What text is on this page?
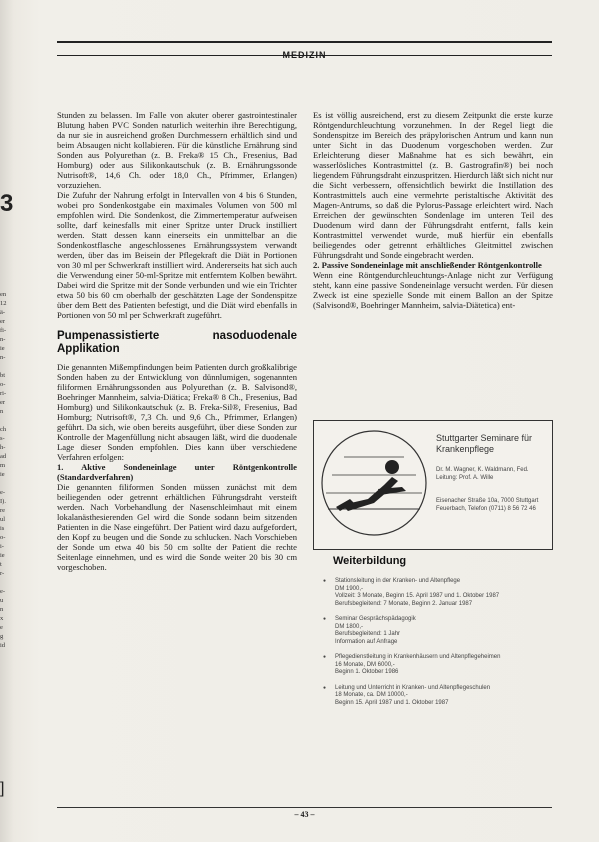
3
en
12
ä-
er
fi-
n-
ie
n-

bt
o-
ri-
er
n

ch
s-
h-
ad
m
ie

e-
I).
re
ul
is
o-
i-
ie
t
r-

e-
u
n
x
e
g
id
]
MEDIZIN

Stunden zu belassen. Im Falle von akuter oberer gastrointestinaler Blutung haben PVC Sonden naturlich weiterhin ihre Berechtigung, da nur sie in ausreichend großen Durchmessern erhältlich sind und beim Absaugen nicht kollabieren. Für die künstliche Ernährung sind Sonden aus Polyurethan (z. B. Freka® 15 Ch., Fresenius, Bad Homburg) oder aus Silikonkautschuk (z. B. Ernährungssonde Nutrisoft®, 14,6 Ch. oder 18,0 Ch., Pfrimmer, Erlangen) vorzuziehen.

Die Zufuhr der Nahrung erfolgt in Intervallen von 4 bis 6 Stunden, wobei pro Sondenkostgabe ein maximales Volumen von 500 ml empfohlen wird. Die Sondenkost, die Zimmertemperatur aufweisen sollte, darf keinesfalls mit einer Spritze unter Druck instilliert werden. Statt dessen kann einerseits ein unmittelbar an die Sondenkostflasche angeschlossenes Ernährungssystem verwandt werden, über das im Beisein der Pflegekraft die Diät in Portionen von 30 ml per Schwerkraft instilliert wird. Andererseits hat sich auch die Verwendung einer 50-ml-Spritze mit entferntem Kolben bewährt. Dabei wird die Spritze mit der Sonde verbunden und wie ein Trichter etwa 50 bis 60 cm oberhalb der geschätzten Lage der Sondenspitze über dem Bett des Patienten befestigt, und die Diät wird ebenfalls in Portionen von 50 ml per Schwerkraft zugeführt.

Pumpenassistierte nasoduodenale Applikation

Die genannten Mißempfindungen beim Patienten durch großkalibrige Sonden haben zu der Entwicklung von dünnlumigen, sogenannten filiformen Ernährungssonden aus Polyurethan (z. B. Salvisond®, Boehringer Mannheim, salvia-Diätica; Freka® 8 Ch., Fresenius, Bad Homburg) und Silikonkautschuk (z. B. Freka-Sil®, Fresenius, Bad Homburg; Nutrisoft®, 7,3 Ch. und 9,6 Ch., Pfrimmer, Erlangen) geführt. Da sich, wie oben bereits ausgeführt, über diese Sonden zur Kontrolle der Magenfüllung nicht absaugen läßt, wird die duodenale Lage dieser Sonden empfohlen. Dies kann über verschiedene Verfahren erfolgen:

1. Aktive Sondeneinlage unter Röntgenkontrolle (Standardverfahren)

Die genannten filiformen Sonden müssen zunächst mit dem beiliegenden oder getrennt erhältlichen Führungsdraht versteift werden. Nach Vorbehandlung der Nasenschleimhaut mit einem lokalanästhesierenden Gel wird die Sonde sodann beim sitzenden Patienten in die Nase eingeführt. Der Patient wird dazu aufgefordert, den Kopf zu beugen und die Sonde zu schlucken. Nach Vorschieben der Sonde um etwa 40 bis 50 cm sollte der Patient die rechte Seitenlage einnehmen, und es wird die Sonde weiter 20 bis 30 cm vorgeschoben.

Es ist völlig ausreichend, erst zu diesem Zeitpunkt die erste kurze Röntgendurchleuchtung vorzunehmen. In der Regel liegt die Sondenspitze im Bereich des präpylorischen Antrum und kann nun unter Sicht in das Duodenum vorgeschoben werden. Zur Erleichterung dieser Maßnahme hat es sich bewährt, ein wasserlösliches Kontrastmittel (z. B. Gastrografin®) bei noch liegendem Führungsdraht einzuspritzen. Hierdurch läßt sich nicht nur die Sicht verbessern, offensichtlich bewirkt die Instillation des Kontrastmittels auch eine vermehrte peristaltische Aktivität des Magen-Antrums, so daß die Pylorus-Passage erleichtert wird. Nach Erreichen der gewünschten Sondenlage im unteren Teil des Duodenum wird dann der Führungsdraht entfernt, falls kein Kontrastmittel verwendet wurde, muß hierfür ein ebenfalls beiliegendes oder getrennt erhältliches Gleitmittel zwischen Führungsdraht und Sonde eingebracht werden.

2. Passive Sondeneinlage mit anschließender Röntgenkontrolle

Wenn eine Röntgendurchleuchtungs-Anlage nicht zur Verfügung steht, kann eine passive Sondeneinlage versucht werden. Für diesen Zweck ist eine spezielle Sonde mit einem Ballon an der Spitze (Salvisond®, Boehringer Mannheim, salvia-Diätetica) ent-

Stuttgarter Seminare für Krankenpflege
Dr. M. Wagner, K. Waldmann, Fed. Leitung: Prof. A. Wille
Eisenacher Straße 10a, 7000 Stuttgart Feuerbach, Telefon (0711) 8 56 72 46
Weiterbildung
● Stationsleitung in der Kranken- und Altenpflege
DM 1900,-
Vollzeit: 3 Monate, Beginn 15. April 1987 und 1. Oktober 1987
Berufsbegleitend: 7 Monate, Beginn 2. Januar 1987
● Seminar Gesprächspädagogik
DM 1800,-
Berufsbegleitend: 1 Jahr
Information auf Anfrage
● Pflegedienstleitung in Krankenhäusern und Altenpflegeheimen
16 Monate, DM 6000,-
Beginn 1. Oktober 1986
● Leitung und Unterricht in Kranken- und Altenpflegeschulen
18 Monate, ca. DM 10000,-
Beginn 15. April 1987 und 1. Oktober 1987
– 43 –
